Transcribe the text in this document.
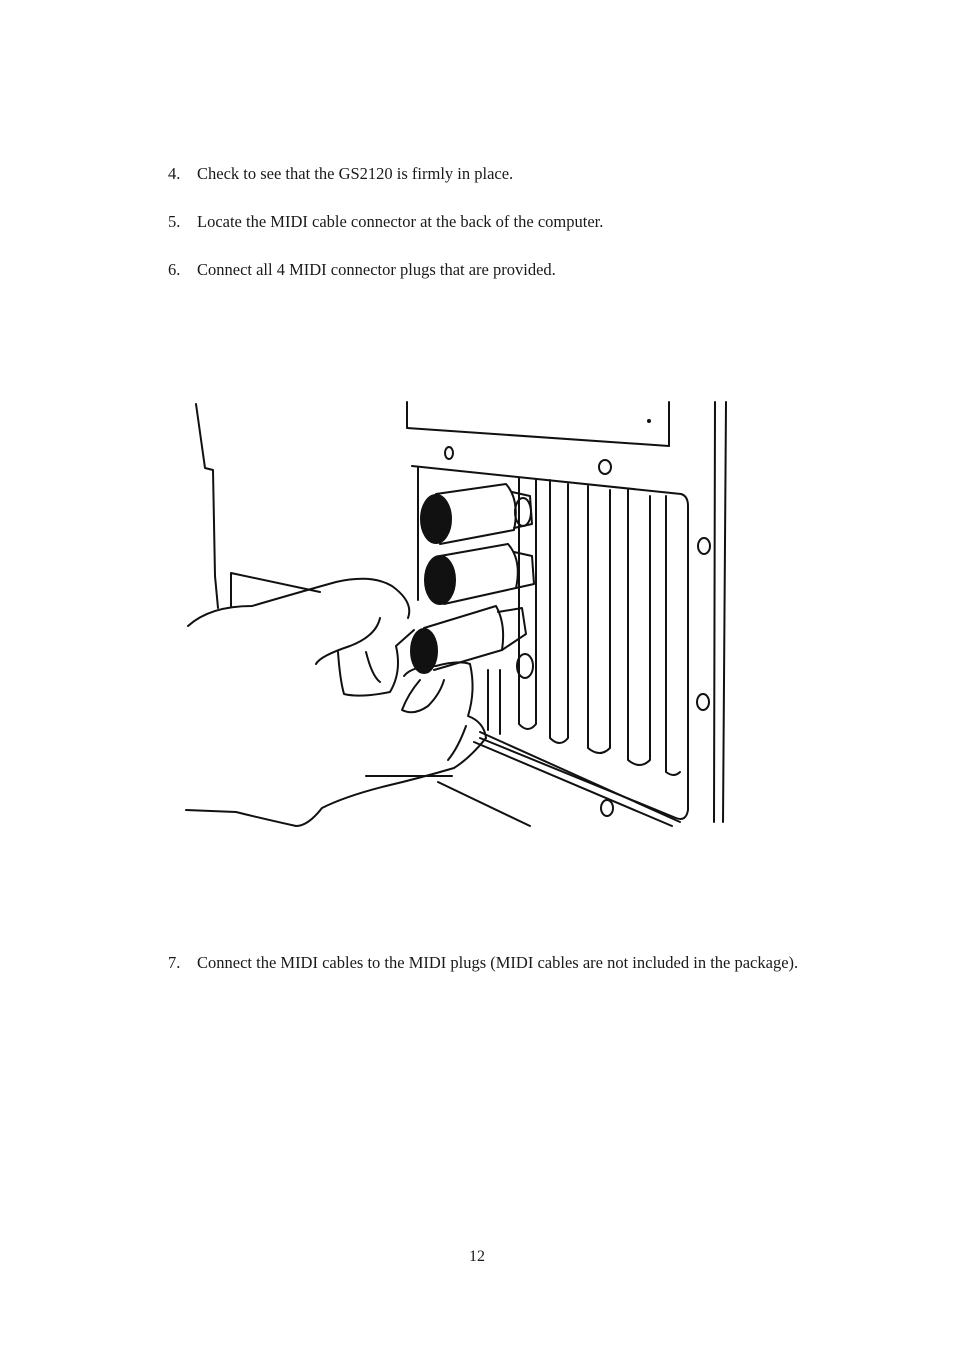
4. Check to see that the GS2120 is firmly in place.
5. Locate the MIDI cable connector at the back of the computer.
6. Connect all 4 MIDI connector plugs that are provided.
7. Connect the MIDI cables to the MIDI plugs (MIDI cables are not included in the package).
12
